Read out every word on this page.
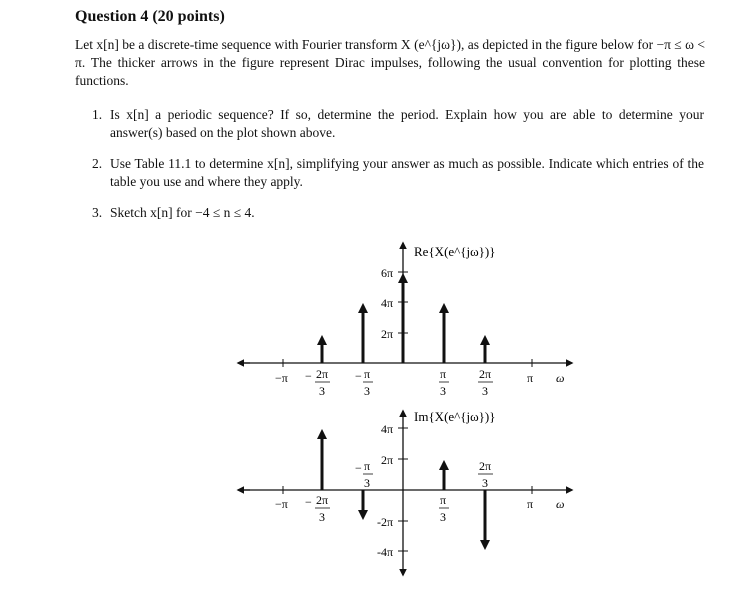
Question 4 (20 points)
Let x[n] be a discrete-time sequence with Fourier transform X (e^{jω}), as depicted in the figure below for −π ≤ ω < π. The thicker arrows in the figure represent Dirac impulses, following the usual convention for plotting these functions.
1. Is x[n] a periodic sequence? If so, determine the period. Explain how you are able to determine your answer(s) based on the plot shown above.
2. Use Table 11.1 to determine x[n], simplifying your answer as much as possible. Indicate which entries of the table you use and where they apply.
3. Sketch x[n] for −4 ≤ n ≤ 4.
6π
4π
2π
Re{X(e^{jω})}
−π − 2π
3
− π
3
π
3
2π
3
π ω
4π
2π
-2π
-4π
Im{X(e^{jω})}
−π − 2π
3
− π
3
π
3
2π
3
π ω
